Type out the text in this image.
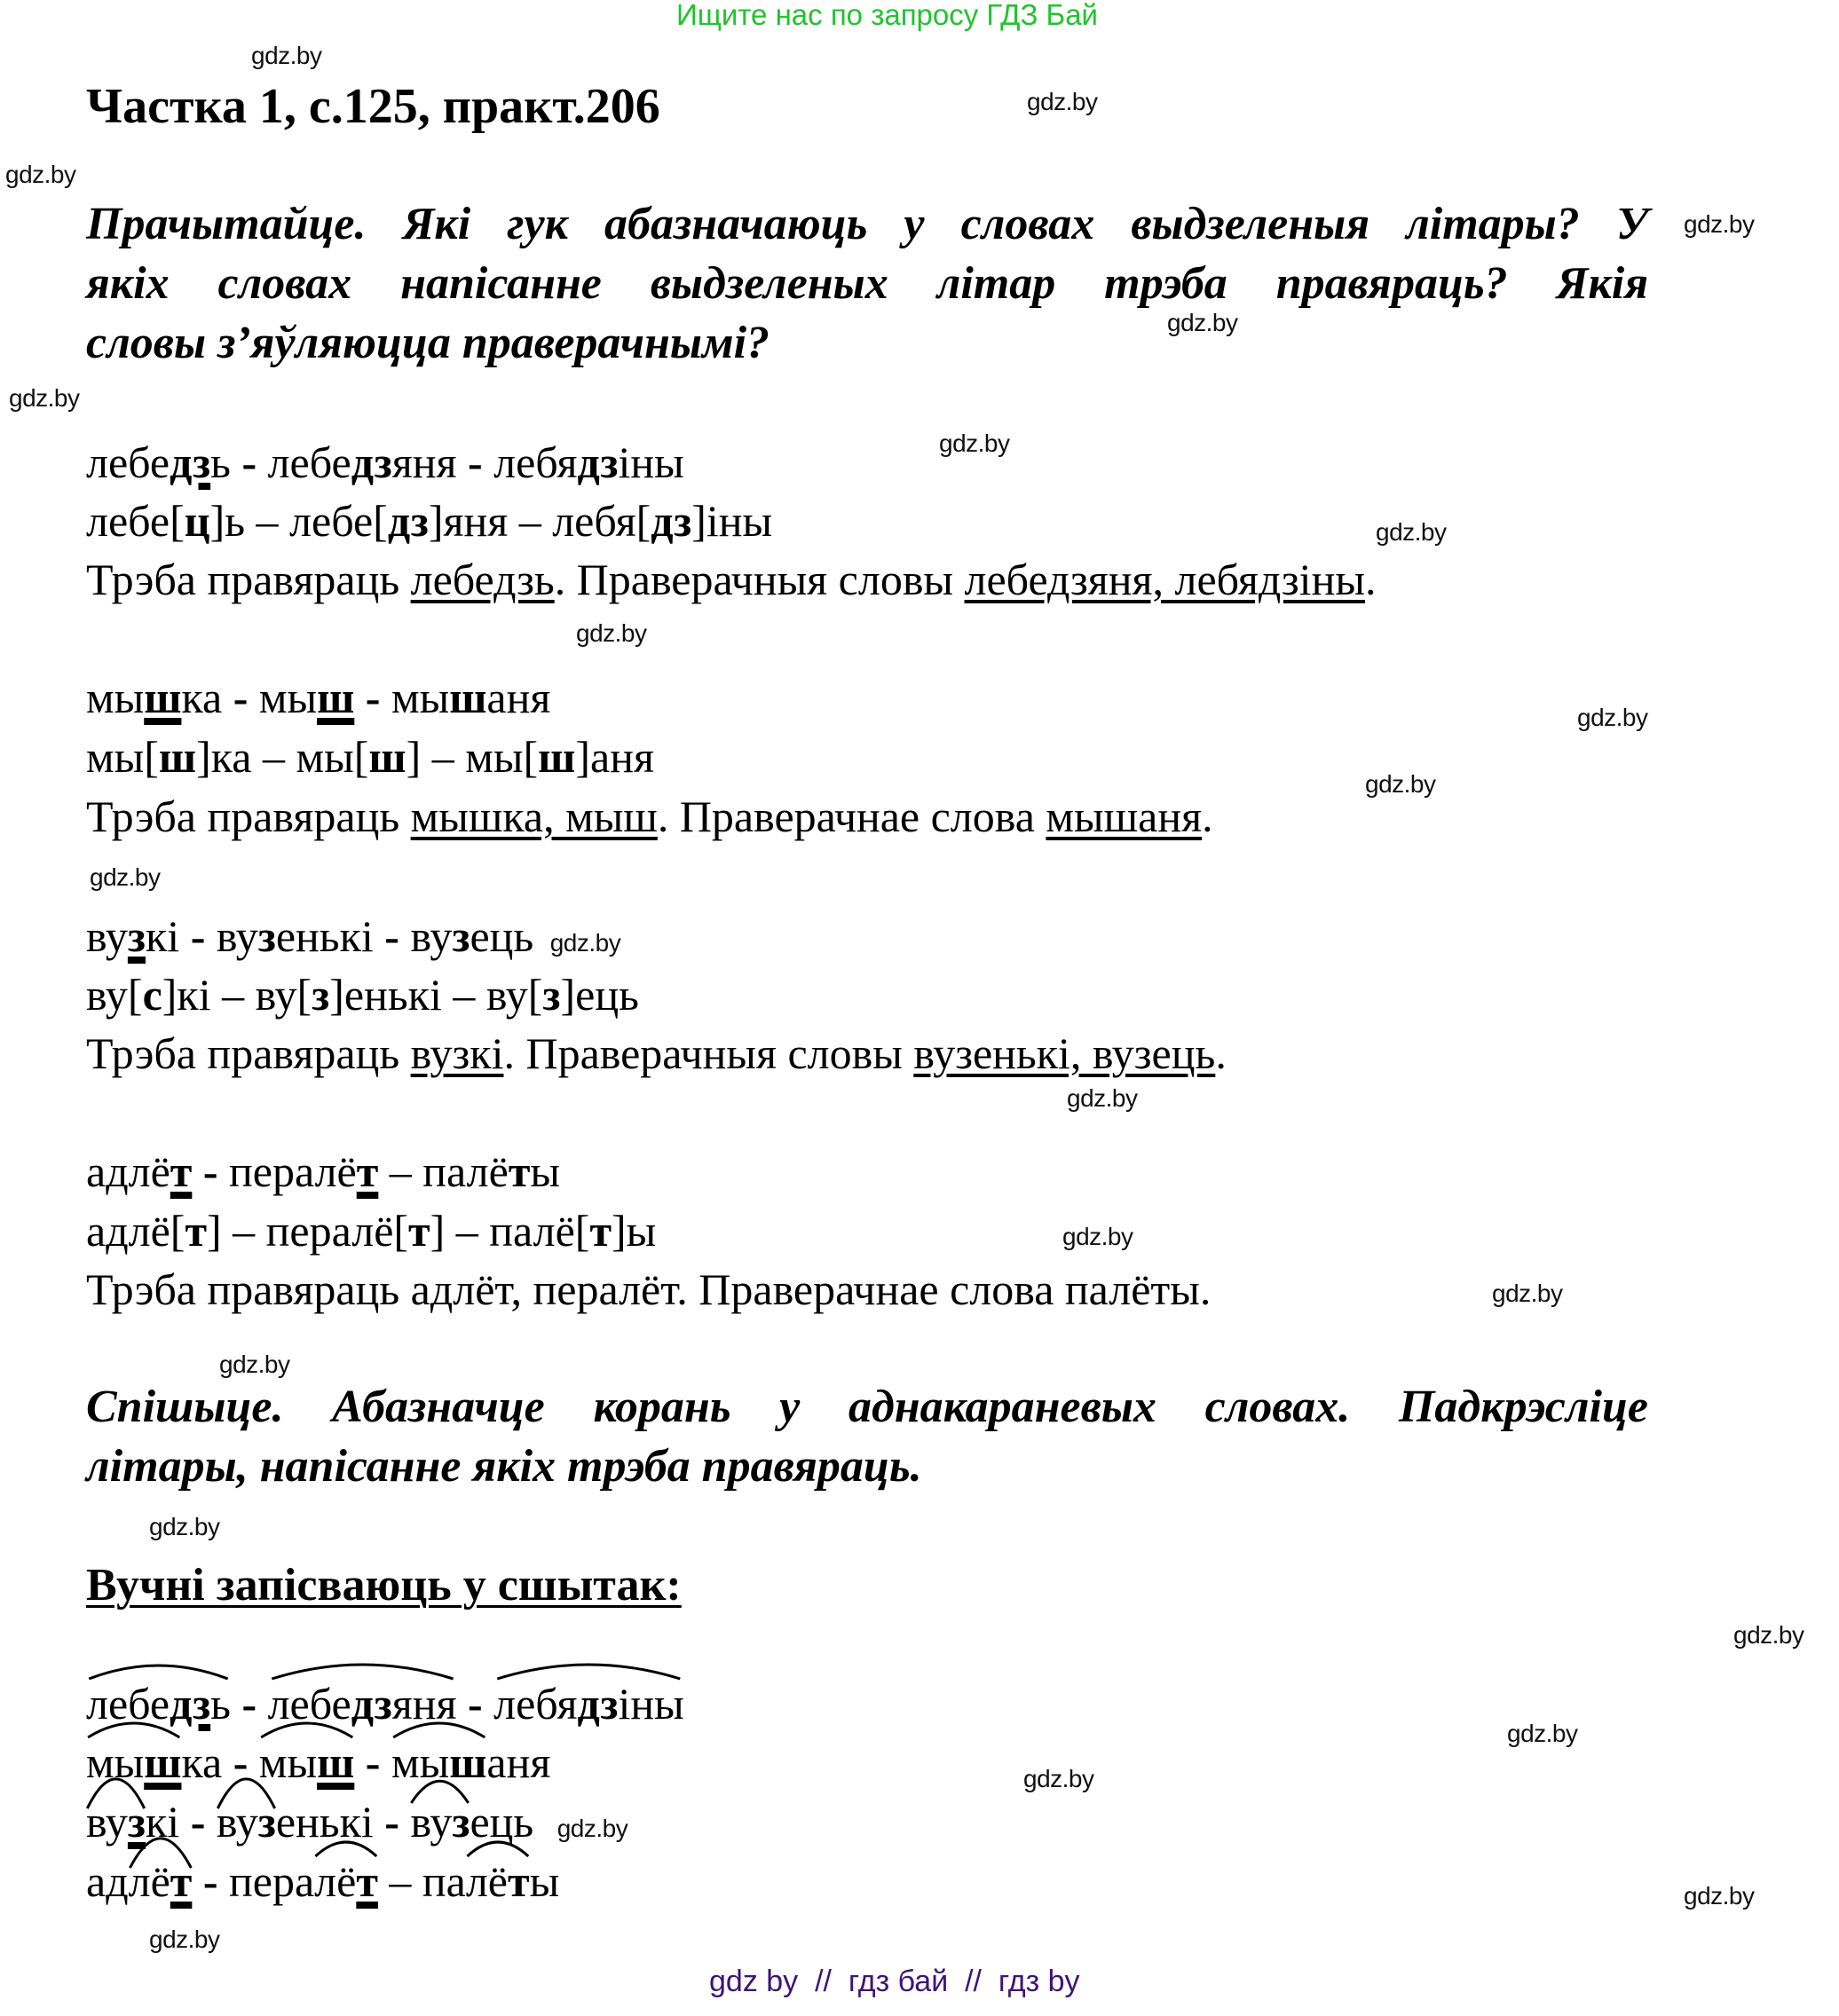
Ищите нас по запросу ГДЗ Бай
gdz.by
gdz.by
gdz.by
gdz.by
gdz.by
gdz.by
gdz.by
gdz.by
gdz.by
gdz.by
gdz.by
gdz.by
gdz.by
gdz.by
gdz.by
gdz.by
gdz.by
gdz.by
gdz.by
gdz.by
gdz.by
gdz.by
Частка 1, с.125, практ.206
Прачытайце. Які гук абазначаюць у словах выдзеленыя літары? У
якіх словах напісанне выдзеленых літар трэба правяраць? Якія
словы з’яўляюцца праверачнымі?
лебедзь - лебедзяня - лебядзіны
лебе[ц]ь – лебе[дз]яня – лебя[дз]іны
Трэба правяраць лебедзь. Праверачныя словы лебедзяня, лебядзіны.
мышка - мыш - мышаня
мы[ш]ка – мы[ш] – мы[ш]аня
Трэба правяраць мышка, мыш. Праверачнае слова мышаня.
вузкі - вузенькі - вузець gdz.by
ву[с]кі – ву[з]енькі – ву[з]ець
Трэба правяраць вузкі. Праверачныя словы вузенькі, вузець.
адлёт - пералёт – палёты
адлё[т] – пералё[т] – палё[т]ы
Трэба правяраць адлёт, пералёт. Праверачнае слова палёты.
Спішыце. Абазначце корань у аднакараневых словах. Падкрэсліце
літары, напісанне якіх трэба правяраць.
Вучні запісваюць у сшытак:
лебедзь -
лебедзяня -
лебядзіны
мышка -
мыш -
мышаня
вузкі -
вузенькі -
вузець gdz.by
ад
лёт - пера
лёт – па
лёты
gdz by  //  гдз бай  //  гдз by
